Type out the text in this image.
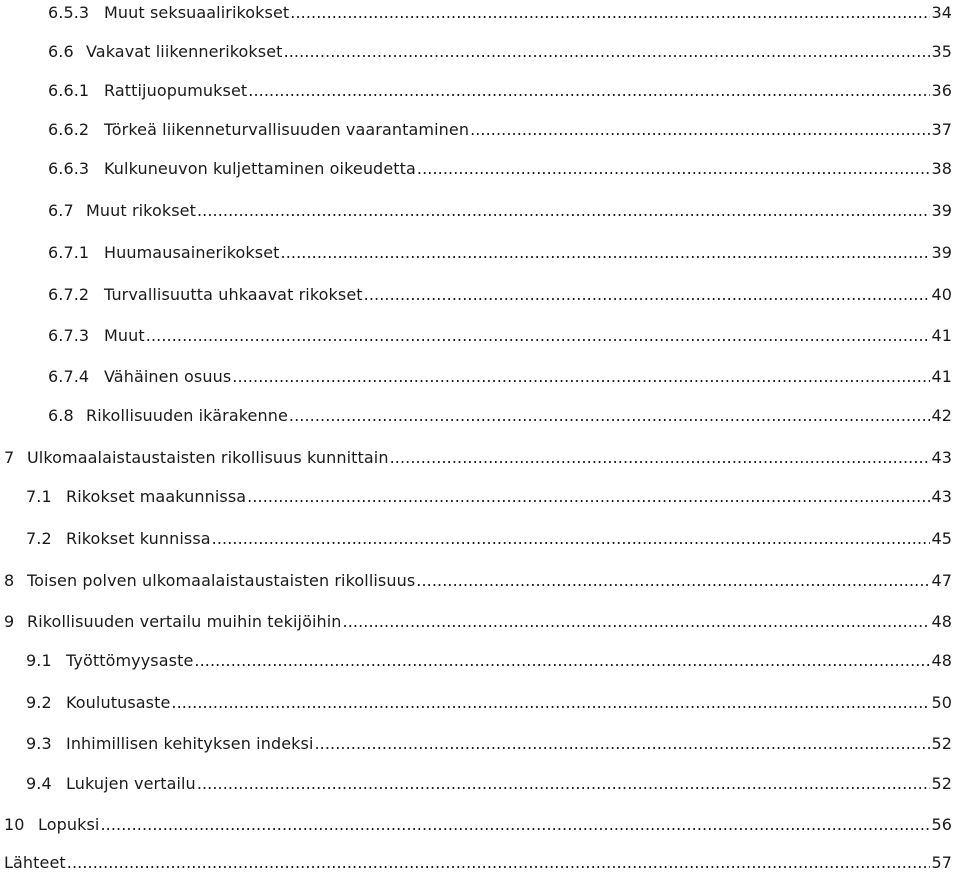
6.5.3 Muut seksuaalirikokset .....	34
6.6 Vakavat liikennerikokset .....	35
6.6.1 Rattijuopumukset .....	36
6.6.2 Törkeä liikenneturvallisuuden vaarantaminen .....	37
6.6.3 Kulkuneuvon kuljettaminen oikeudetta .....	38
6.7 Muut rikokset .....	39
6.7.1 Huumausainerikokset .....	39
6.7.2 Turvallisuutta uhkaavat rikokset .....	40
6.7.3 Muut .....	41
6.7.4 Vähäinen osuus .....	41
6.8 Rikollisuuden ikärakenne .....	42
7 Ulkomaalaistaustaisten rikollisuus kunnittain .....	43
7.1 Rikokset maakunnissa .....	43
7.2 Rikokset kunnissa .....	45
8 Toisen polven ulkomaalaistaustaisten rikollisuus .....	47
9 Rikollisuuden vertailu muihin tekijöihin .....	48
9.1 Työttömyysaste .....	48
9.2 Koulutusaste .....	50
9.3 Inhimillisen kehityksen indeksi .....	52
9.4 Lukujen vertailu .....	52
10 Lopuksi .....	56
Lähteet .....	57
